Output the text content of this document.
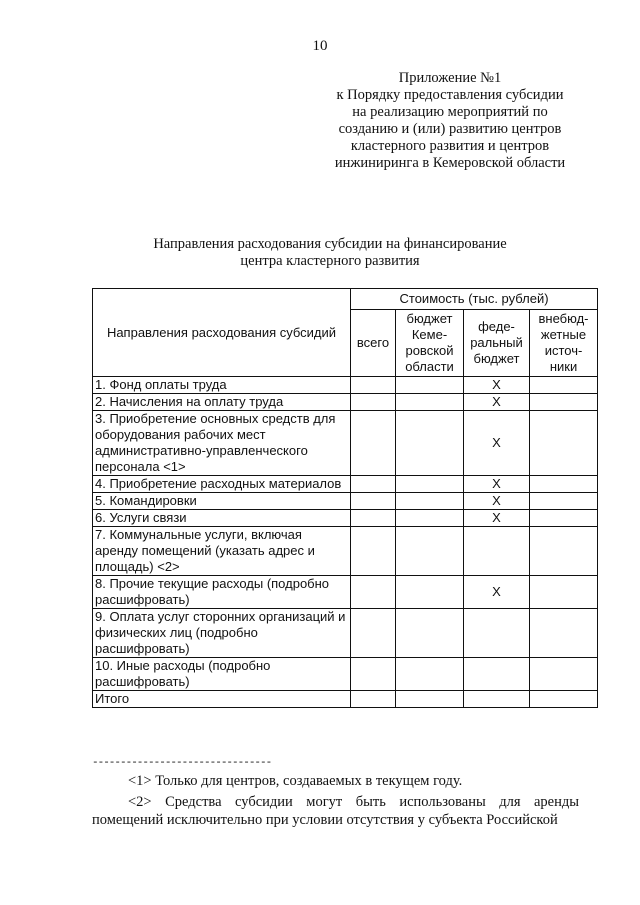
10
Приложение №1
к Порядку предоставления субсидии
на реализацию мероприятий по
созданию и (или) развитию центров
кластерного развития и центров
инжиниринга в Кемеровской области
Направления расходования субсидии на финансирование
центра кластерного развития
Направления расходования субсидий	Стоимость (тыс. рублей)			
	всего	бюджет Кеме-ровской области	феде-ральный бюджет	внебюд-жетные источ-ники
1. Фонд оплаты труда			X	
2. Начисления на оплату труда			X	
3. Приобретение основных средств для оборудования рабочих мест административно-управленческого персонала <1>			X	
4. Приобретение расходных материалов			X	
5. Командировки			X	
6. Услуги связи			X	
7. Коммунальные услуги, включая аренду помещений (указать адрес и площадь) <2>				
8. Прочие текущие расходы (подробно расшифровать)			X	
9. Оплата услуг сторонних организаций и физических лиц (подробно расшифровать)				
10. Иные расходы (подробно расшифровать)				
Итого				
--------------------------------
<1> Только для центров, создаваемых в текущем году.
<2> Средства субсидии могут быть использованы для аренды помещений исключительно при условии отсутствия у субъекта Российской
